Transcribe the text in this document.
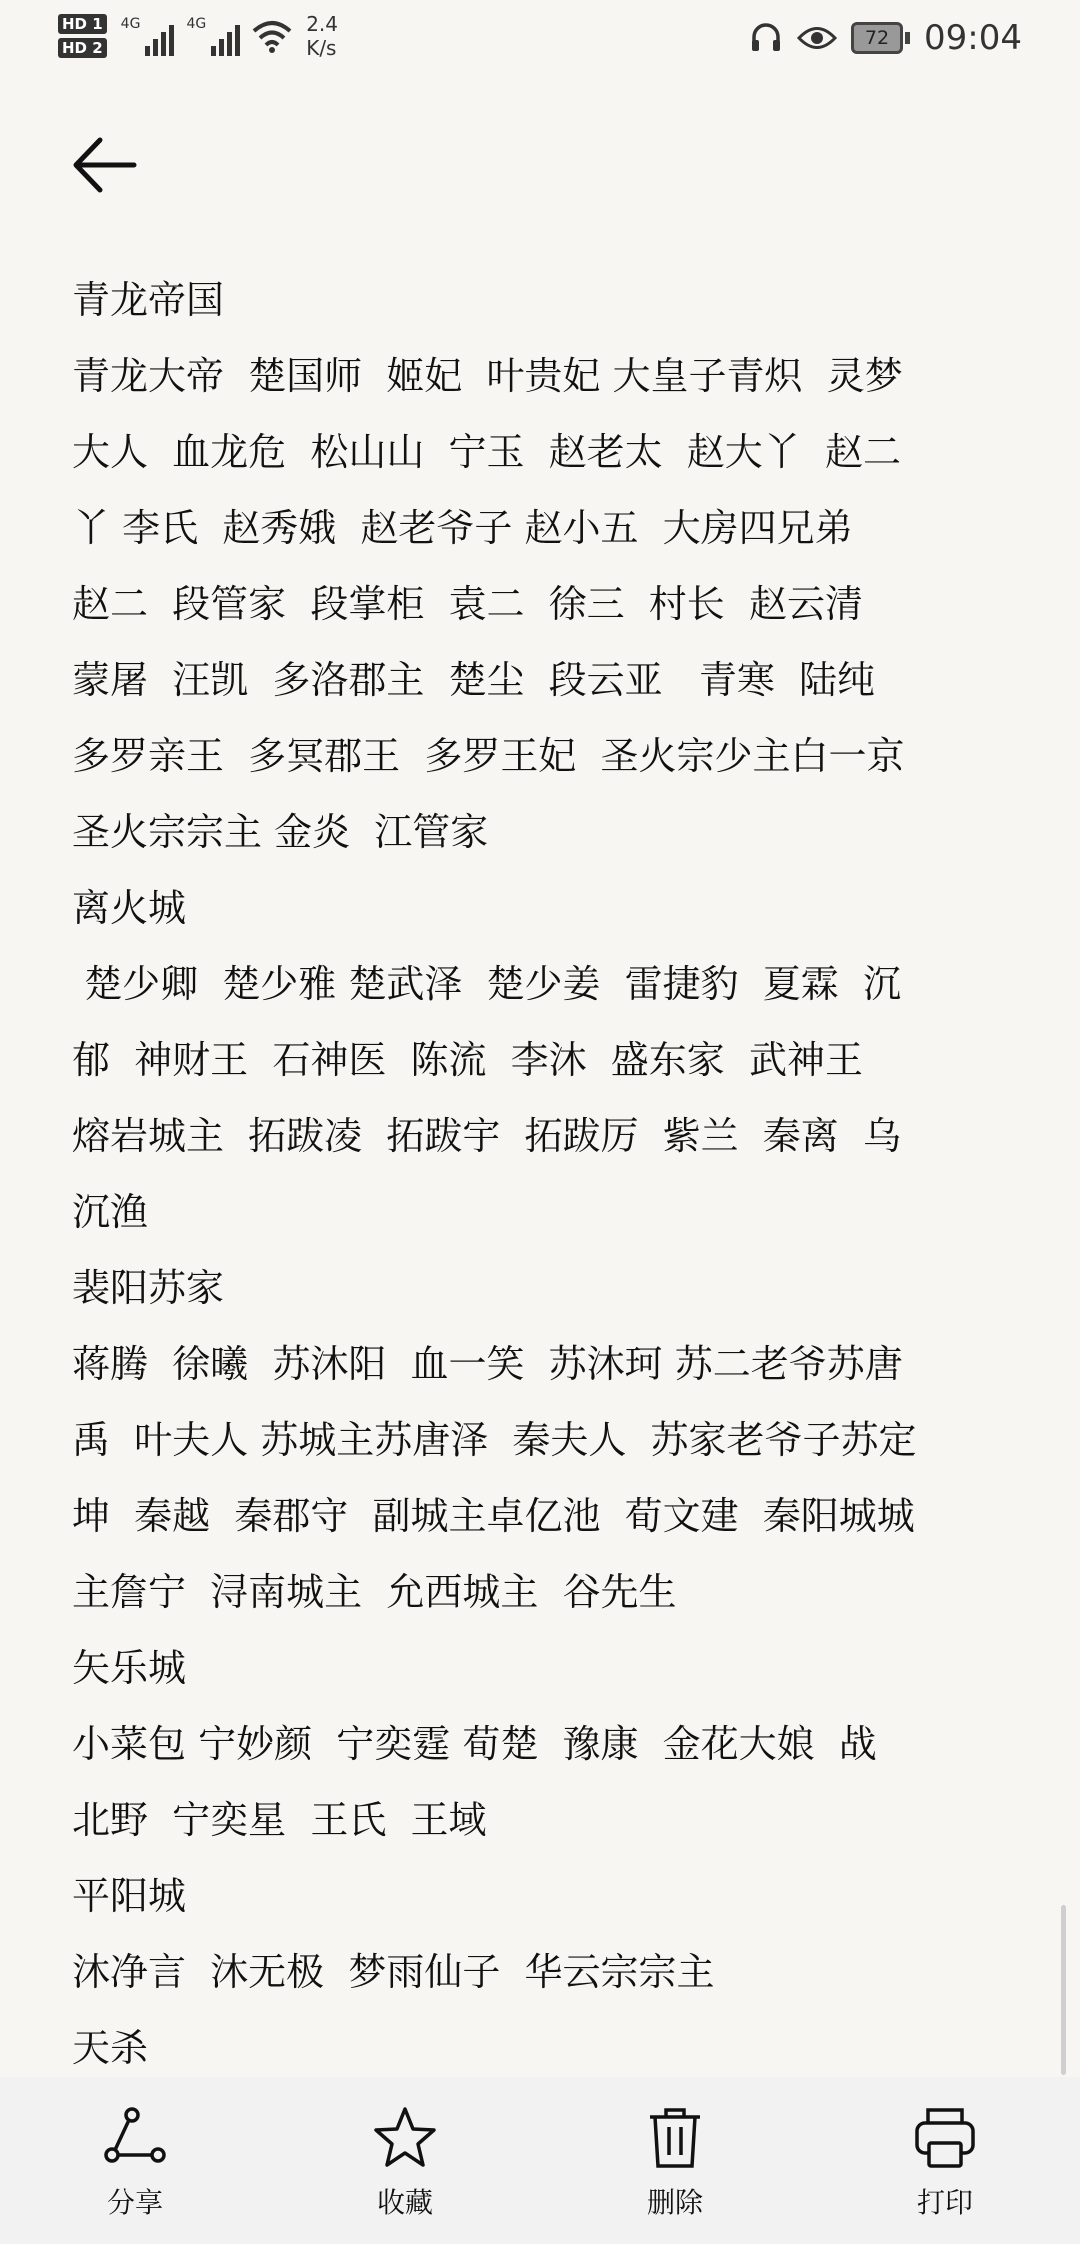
HD 1
HD 2
4G	4G	2.4
K/s	72	09:04

青龙帝国

青龙大帝  楚国师  姬妃  叶贵妃 大皇子青炽  灵梦

大人  血龙危  松山山  宁玉  赵老太  赵大丫  赵二

丫 李氏  赵秀娥  赵老爷子 赵小五  大房四兄弟

赵二  段管家  段掌柜  袁二  徐三  村长  赵云清

蒙屠  汪凯  多洛郡主  楚尘  段云亚   青寒  陆纯

多罗亲王  多冥郡王  多罗王妃  圣火宗少主白一京

圣火宗宗主 金炎  江管家

离火城

楚少卿  楚少雅 楚武泽  楚少姜  雷捷豹  夏霖  沉

郁  神财王  石神医  陈流  李沐  盛东家  武神王

熔岩城主  拓跋凌  拓跋宇  拓跋厉  紫兰  秦离  乌

沉渔

裴阳苏家

蒋腾  徐曦  苏沐阳  血一笑  苏沐珂 苏二老爷苏唐

禹  叶夫人 苏城主苏唐泽  秦夫人  苏家老爷子苏定

坤  秦越  秦郡守  副城主卓亿池  荀文建  秦阳城城

主詹宁  浔南城主  允西城主  谷先生

矢乐城

小菜包 宁妙颜  宁奕霆 荀楚  豫康  金花大娘  战

北野  宁奕星  王氏  王域

平阳城

沐净言  沐无极  梦雨仙子  华云宗宗主

天杀

分享	收藏	删除	打印
